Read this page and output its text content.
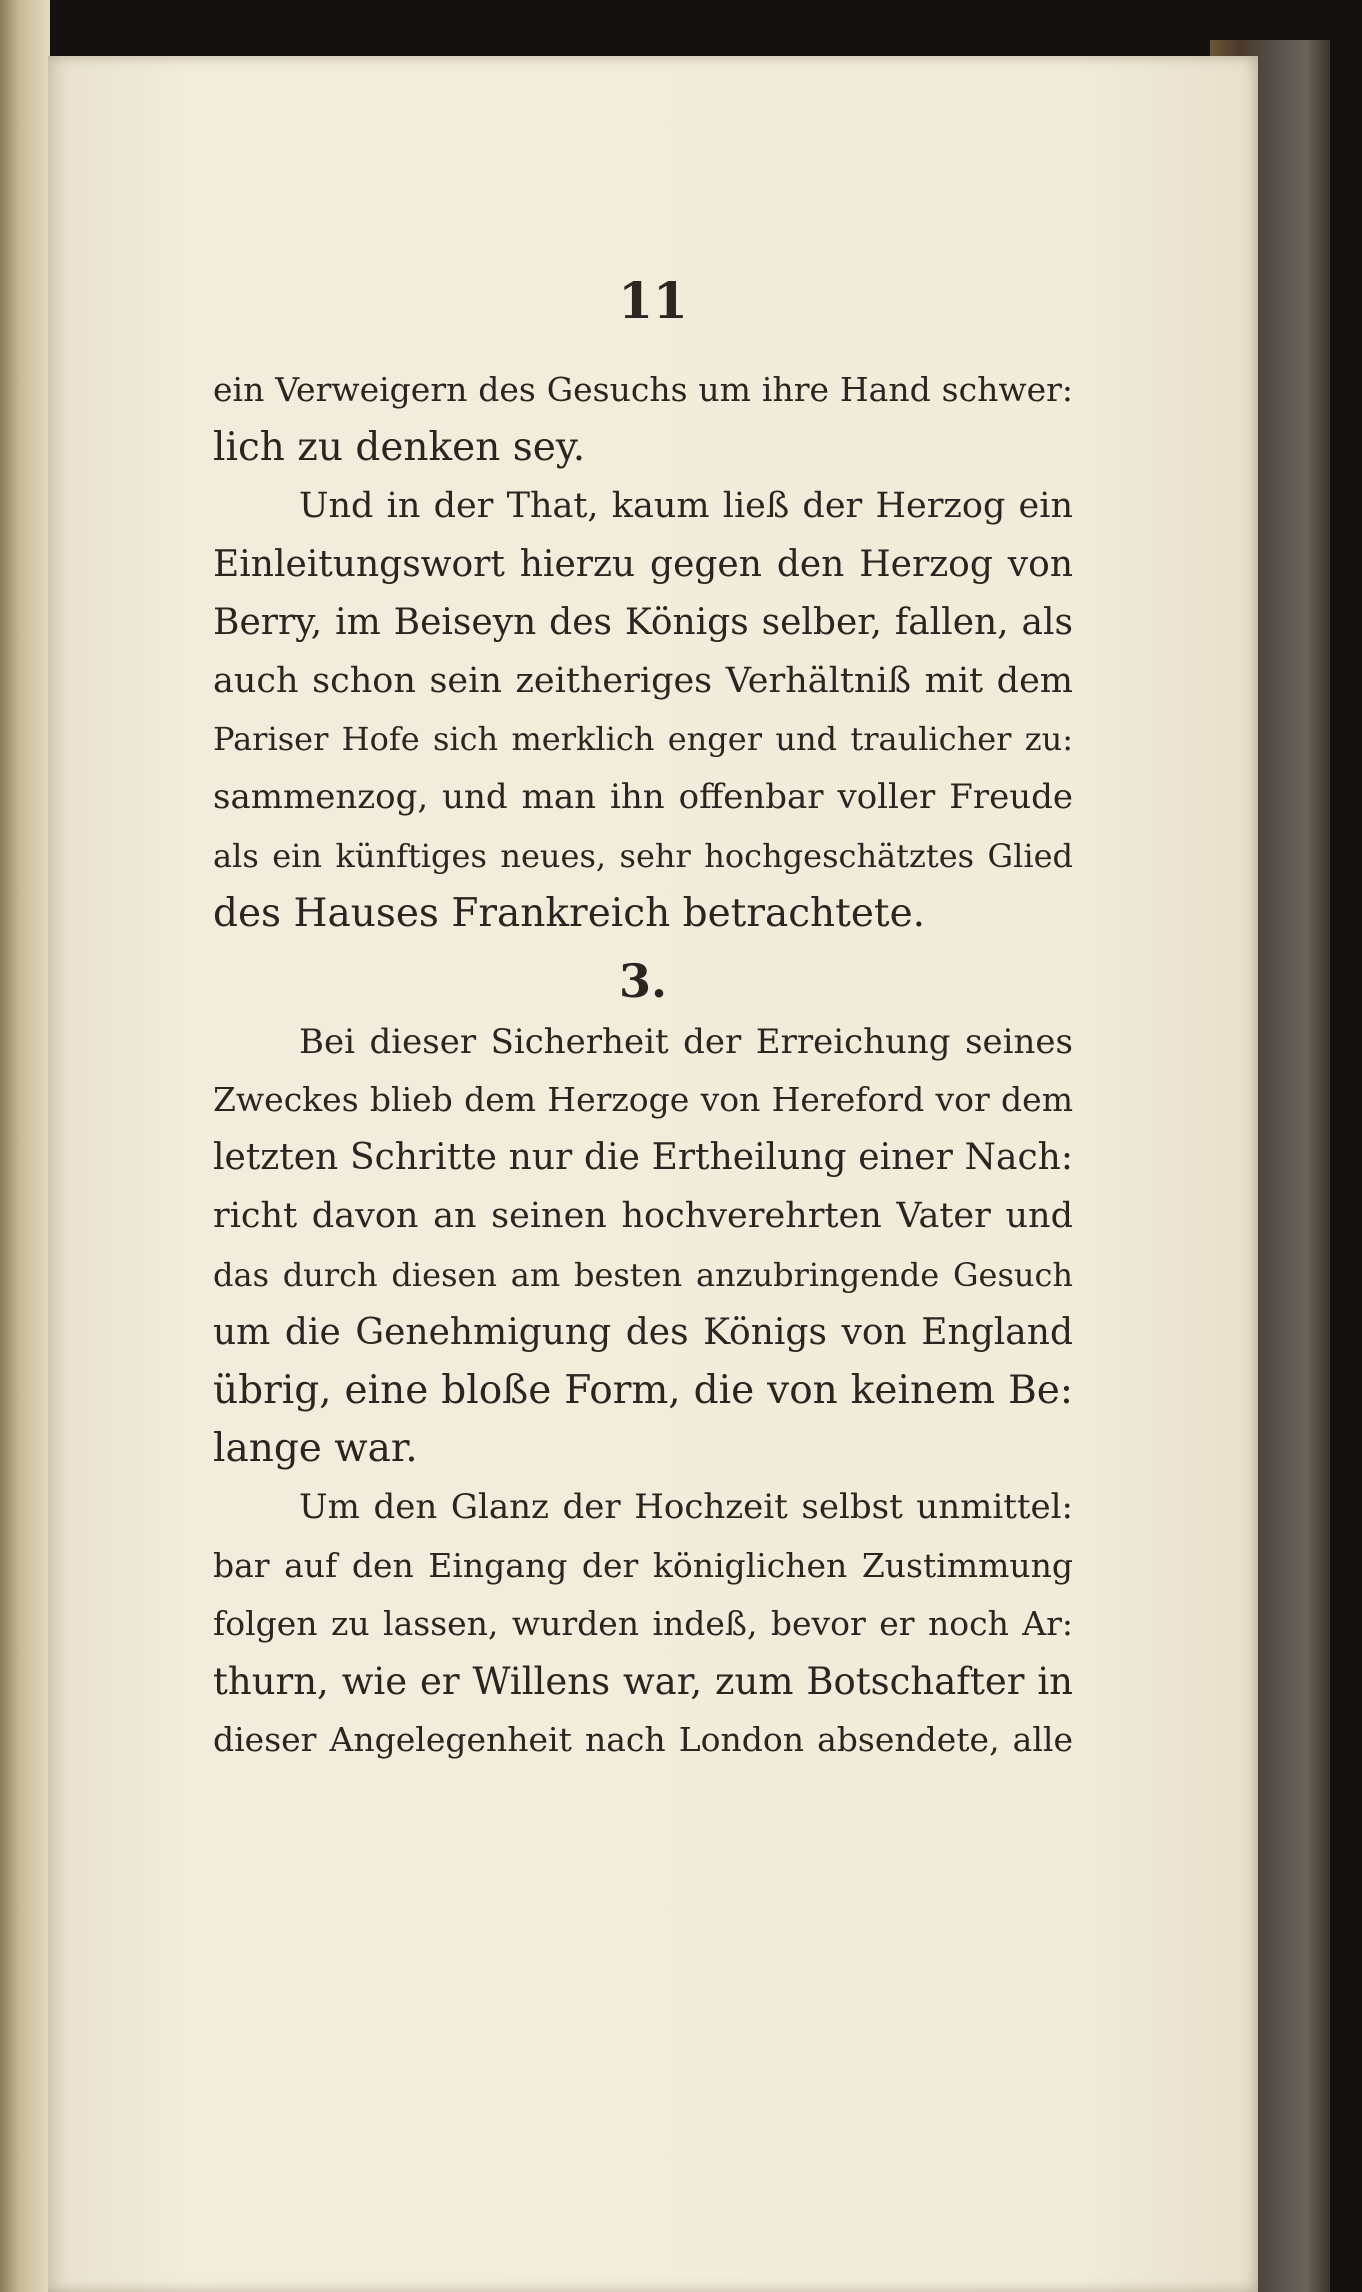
11
ein Verweigern des Gesuchs um ihre Hand schwer:
lich zu denken sey.
Und in der That, kaum ließ der Herzog ein
Einleitungswort hierzu gegen den Herzog von
Berry, im Beiseyn des Königs selber, fallen, als
auch schon sein zeitheriges Verhältniß mit dem
Pariser Hofe sich merklich enger und traulicher zu:
sammenzog, und man ihn offenbar voller Freude
als ein künftiges neues, sehr hochgeschätztes Glied
des Hauses Frankreich betrachtete.
3.
Bei dieser Sicherheit der Erreichung seines
Zweckes blieb dem Herzoge von Hereford vor dem
letzten Schritte nur die Ertheilung einer Nach:
richt davon an seinen hochverehrten Vater und
das durch diesen am besten anzubringende Gesuch
um die Genehmigung des Königs von England
übrig, eine bloße Form, die von keinem Be:
lange war.
Um den Glanz der Hochzeit selbst unmittel:
bar auf den Eingang der königlichen Zustimmung
folgen zu lassen, wurden indeß, bevor er noch Ar:
thurn, wie er Willens war, zum Botschafter in
dieser Angelegenheit nach London absendete, alle
